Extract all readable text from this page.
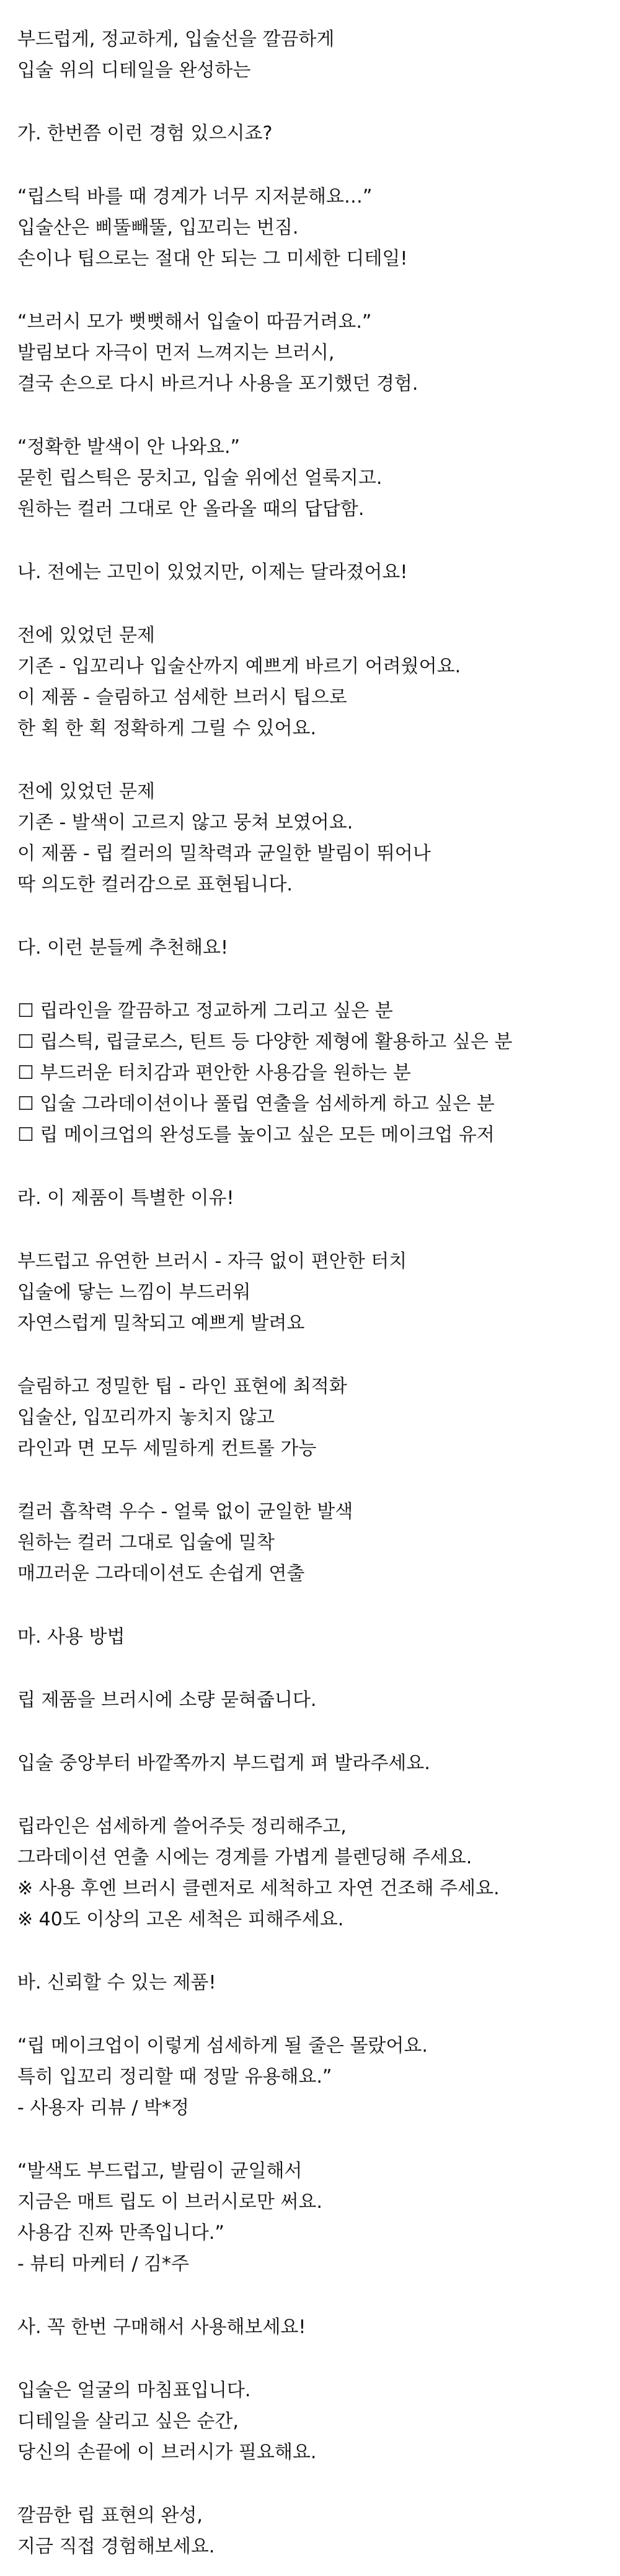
부드럽게, 정교하게, 입술선을 깔끔하게
입술 위의 디테일을 완성하는
가. 한번쯤 이런 경험 있으시죠?
“립스틱 바를 때 경계가 너무 지저분해요…”
입술산은 삐뚤빼뚤, 입꼬리는 번짐.
손이나 팁으로는 절대 안 되는 그 미세한 디테일!
“브러시 모가 뻣뻣해서 입술이 따끔거려요.”
발림보다 자극이 먼저 느껴지는 브러시,
결국 손으로 다시 바르거나 사용을 포기했던 경험.
“정확한 발색이 안 나와요.”
묻힌 립스틱은 뭉치고, 입술 위에선 얼룩지고.
원하는 컬러 그대로 안 올라올 때의 답답함.
나. 전에는 고민이 있었지만, 이제는 달라졌어요!
전에 있었던 문제
기존 - 입꼬리나 입술산까지 예쁘게 바르기 어려웠어요.
이 제품 - 슬림하고 섬세한 브러시 팁으로
한 획 한 획 정확하게 그릴 수 있어요.
전에 있었던 문제
기존 - 발색이 고르지 않고 뭉쳐 보였어요.
이 제품 - 립 컬러의 밀착력과 균일한 발림이 뛰어나
딱 의도한 컬러감으로 표현됩니다.
다. 이런 분들께 추천해요!
☐ 립라인을 깔끔하고 정교하게 그리고 싶은 분
☐ 립스틱, 립글로스, 틴트 등 다양한 제형에 활용하고 싶은 분
☐ 부드러운 터치감과 편안한 사용감을 원하는 분
☐ 입술 그라데이션이나 풀립 연출을 섬세하게 하고 싶은 분
☐ 립 메이크업의 완성도를 높이고 싶은 모든 메이크업 유저
라. 이 제품이 특별한 이유!
부드럽고 유연한 브러시 - 자극 없이 편안한 터치
입술에 닿는 느낌이 부드러워
자연스럽게 밀착되고 예쁘게 발려요
슬림하고 정밀한 팁 - 라인 표현에 최적화
입술산, 입꼬리까지 놓치지 않고
라인과 면 모두 세밀하게 컨트롤 가능
컬러 흡착력 우수 - 얼룩 없이 균일한 발색
원하는 컬러 그대로 입술에 밀착
매끄러운 그라데이션도 손쉽게 연출
마. 사용 방법
립 제품을 브러시에 소량 묻혀줍니다.
입술 중앙부터 바깥쪽까지 부드럽게 펴 발라주세요.
립라인은 섬세하게 쓸어주듯 정리해주고,
그라데이션 연출 시에는 경계를 가볍게 블렌딩해 주세요.
※ 사용 후엔 브러시 클렌저로 세척하고 자연 건조해 주세요.
※ 40도 이상의 고온 세척은 피해주세요.
바. 신뢰할 수 있는 제품!
“립 메이크업이 이렇게 섬세하게 될 줄은 몰랐어요.
특히 입꼬리 정리할 때 정말 유용해요.”
- 사용자 리뷰 / 박*정
“발색도 부드럽고, 발림이 균일해서
지금은 매트 립도 이 브러시로만 써요.
사용감 진짜 만족입니다.”
- 뷰티 마케터 / 김*주
사. 꼭 한번 구매해서 사용해보세요!
입술은 얼굴의 마침표입니다.
디테일을 살리고 싶은 순간,
당신의 손끝에 이 브러시가 필요해요.
깔끔한 립 표현의 완성,
지금 직접 경험해보세요.
